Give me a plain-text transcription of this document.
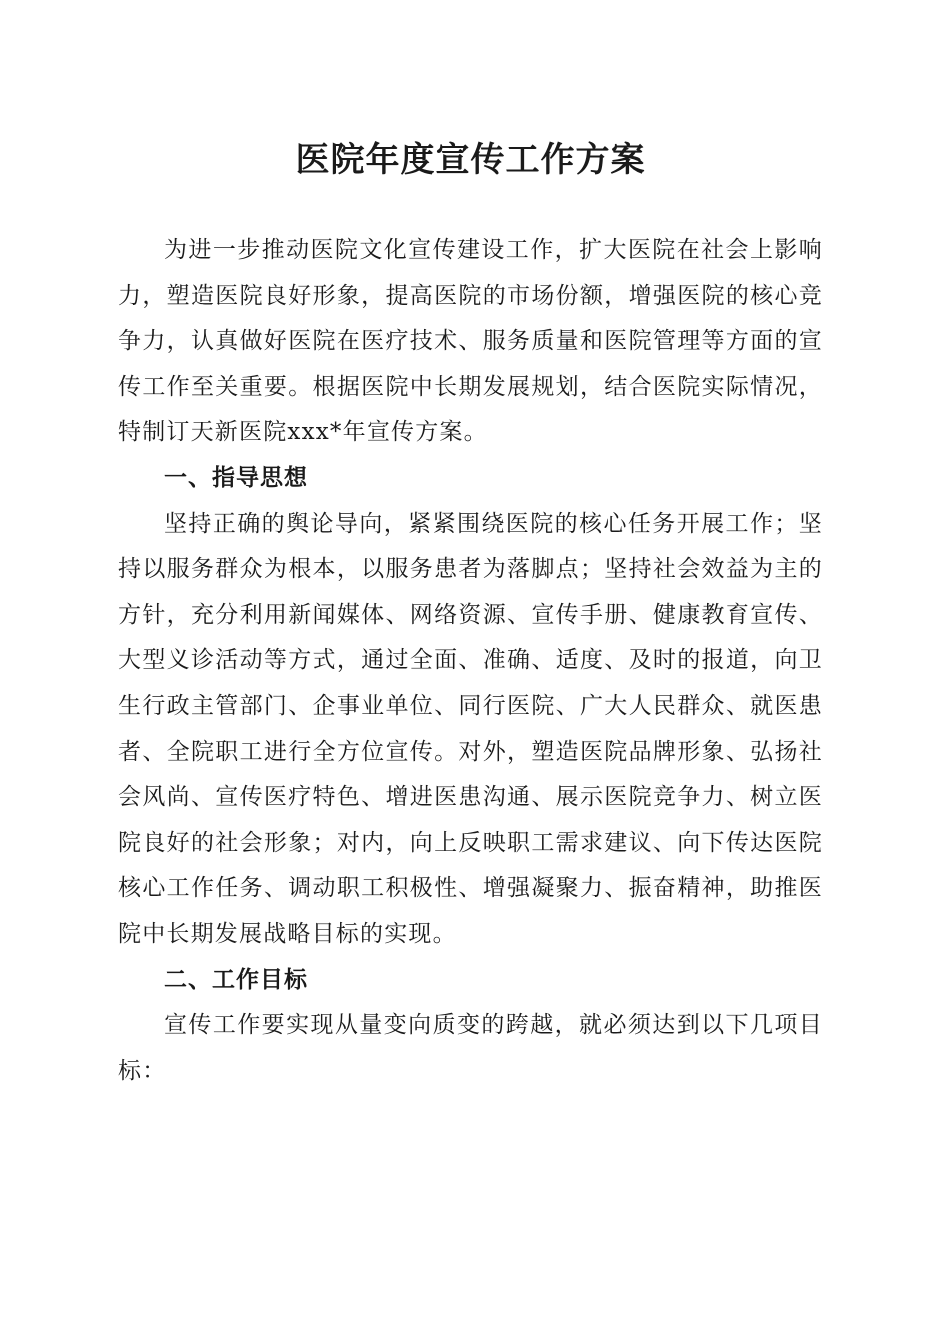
医院年度宣传工作方案

为进一步推动医院文化宣传建设工作，扩大医院在社会上影响力，塑造医院良好形象，提高医院的市场份额，增强医院的核心竞争力，认真做好医院在医疗技术、服务质量和医院管理等方面的宣传工作至关重要。根据医院中长期发展规划，结合医院实际情况，特制订天新医院xxx*年宣传方案。

一、指导思想

坚持正确的舆论导向，紧紧围绕医院的核心任务开展工作；坚持以服务群众为根本，以服务患者为落脚点；坚持社会效益为主的方针，充分利用新闻媒体、网络资源、宣传手册、健康教育宣传、大型义诊活动等方式，通过全面、准确、适度、及时的报道，向卫生行政主管部门、企事业单位、同行医院、广大人民群众、就医患者、全院职工进行全方位宣传。对外，塑造医院品牌形象、弘扬社会风尚、宣传医疗特色、增进医患沟通、展示医院竞争力、树立医院良好的社会形象；对内，向上反映职工需求建议、向下传达医院核心工作任务、调动职工积极性、增强凝聚力、振奋精神，助推医院中长期发展战略目标的实现。

二、工作目标

宣传工作要实现从量变向质变的跨越，就必须达到以下几项目标：
